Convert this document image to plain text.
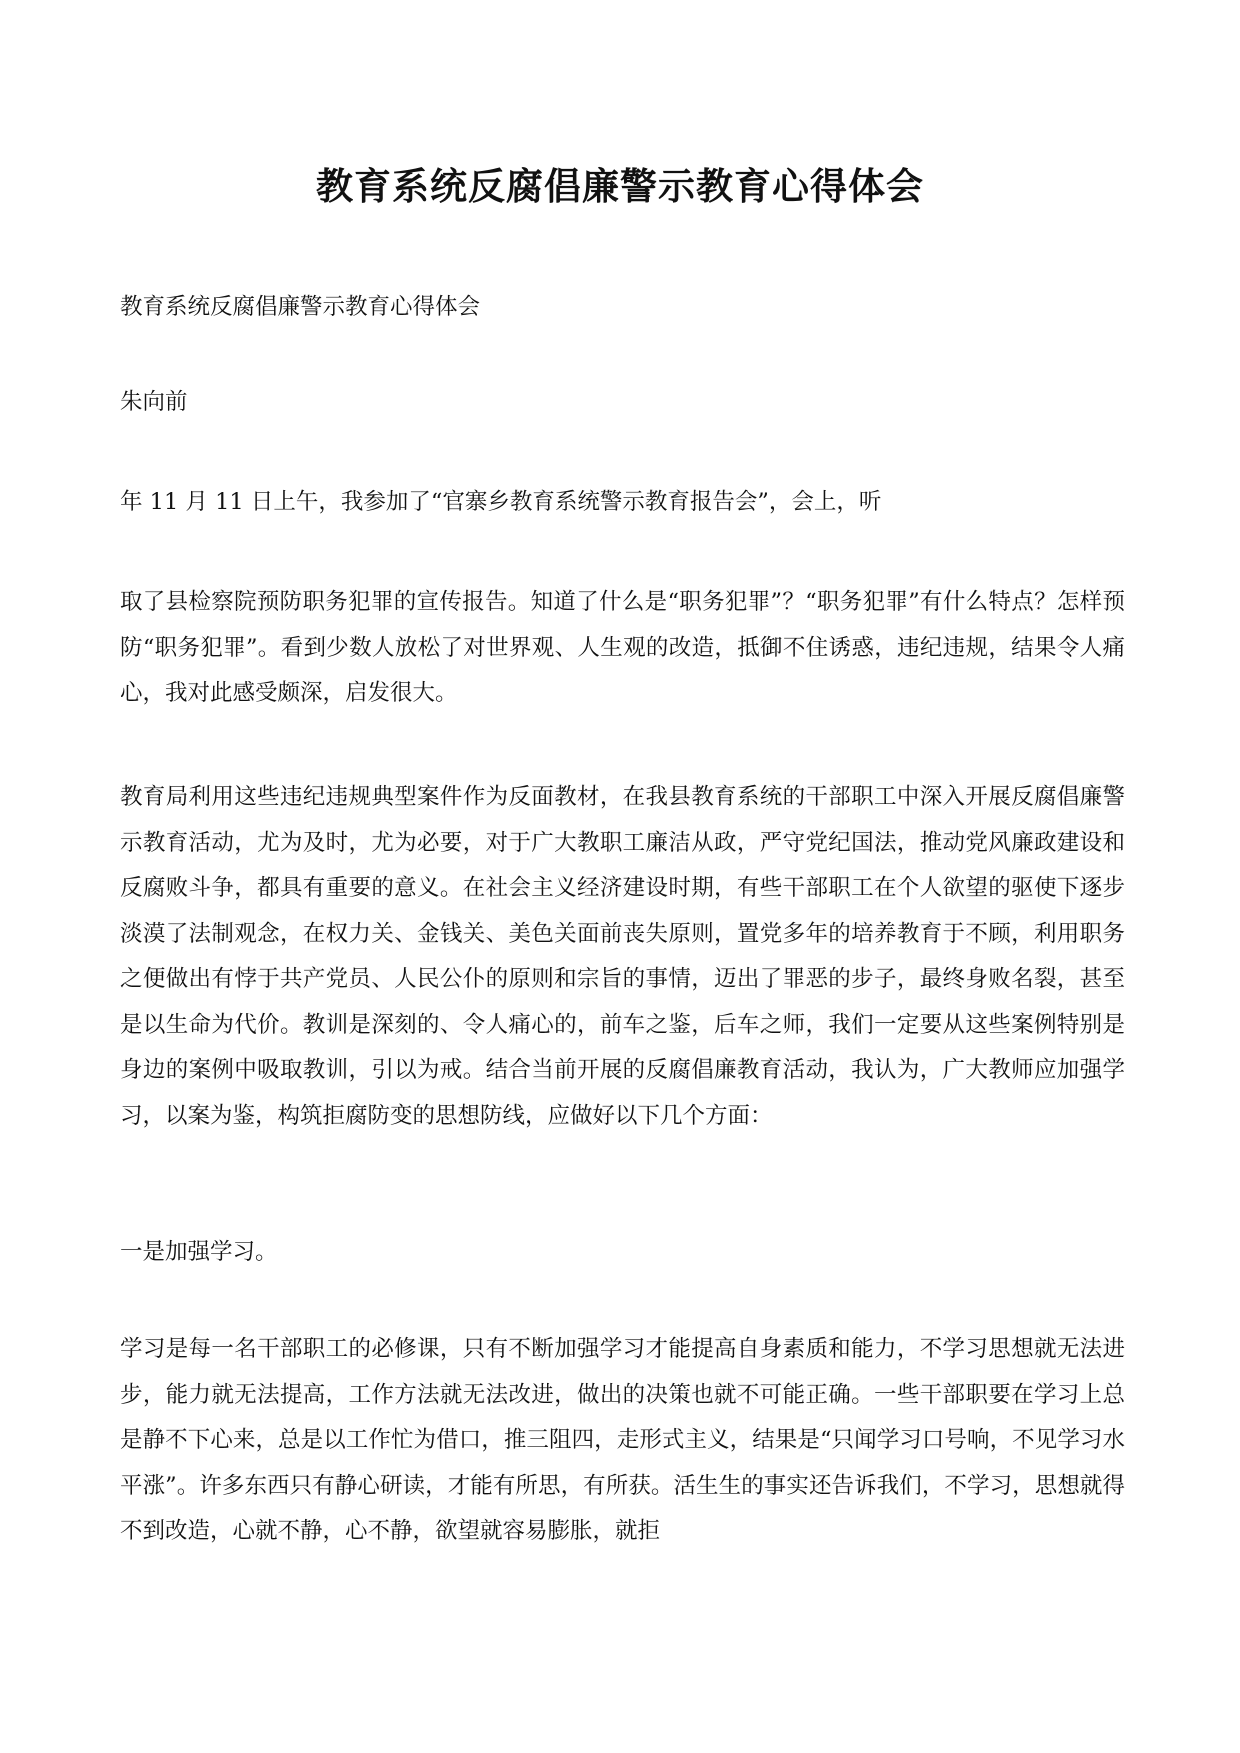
教育系统反腐倡廉警示教育心得体会

教育系统反腐倡廉警示教育心得体会

朱向前

年 11 月 11 日上午，我参加了“官寨乡教育系统警示教育报告会”，会上，听

取了县检察院预防职务犯罪的宣传报告。知道了什么是“职务犯罪”？“职务犯罪”有什么特点？怎样预防“职务犯罪”。看到少数人放松了对世界观、人生观的改造，抵御不住诱惑，违纪违规，结果令人痛心，我对此感受颇深，启发很大。

教育局利用这些违纪违规典型案件作为反面教材，在我县教育系统的干部职工中深入开展反腐倡廉警示教育活动，尤为及时，尤为必要，对于广大教职工廉洁从政，严守党纪国法，推动党风廉政建设和反腐败斗争，都具有重要的意义。在社会主义经济建设时期，有些干部职工在个人欲望的驱使下逐步淡漠了法制观念，在权力关、金钱关、美色关面前丧失原则，置党多年的培养教育于不顾，利用职务之便做出有悖于共产党员、人民公仆的原则和宗旨的事情，迈出了罪恶的步子，最终身败名裂，甚至是以生命为代价。教训是深刻的、令人痛心的，前车之鉴，后车之师，我们一定要从这些案例特别是身边的案例中吸取教训，引以为戒。结合当前开展的反腐倡廉教育活动，我认为，广大教师应加强学习，以案为鉴，构筑拒腐防变的思想防线，应做好以下几个方面：

一是加强学习。

学习是每一名干部职工的必修课，只有不断加强学习才能提高自身素质和能力，不学习思想就无法进步，能力就无法提高，工作方法就无法改进，做出的决策也就不可能正确。一些干部职要在学习上总是静不下心来，总是以工作忙为借口，推三阻四，走形式主义，结果是“只闻学习口号响，不见学习水平涨”。许多东西只有静心研读，才能有所思，有所获。活生生的事实还告诉我们，不学习，思想就得不到改造，心就不静，心不静，欲望就容易膨胀，就拒
